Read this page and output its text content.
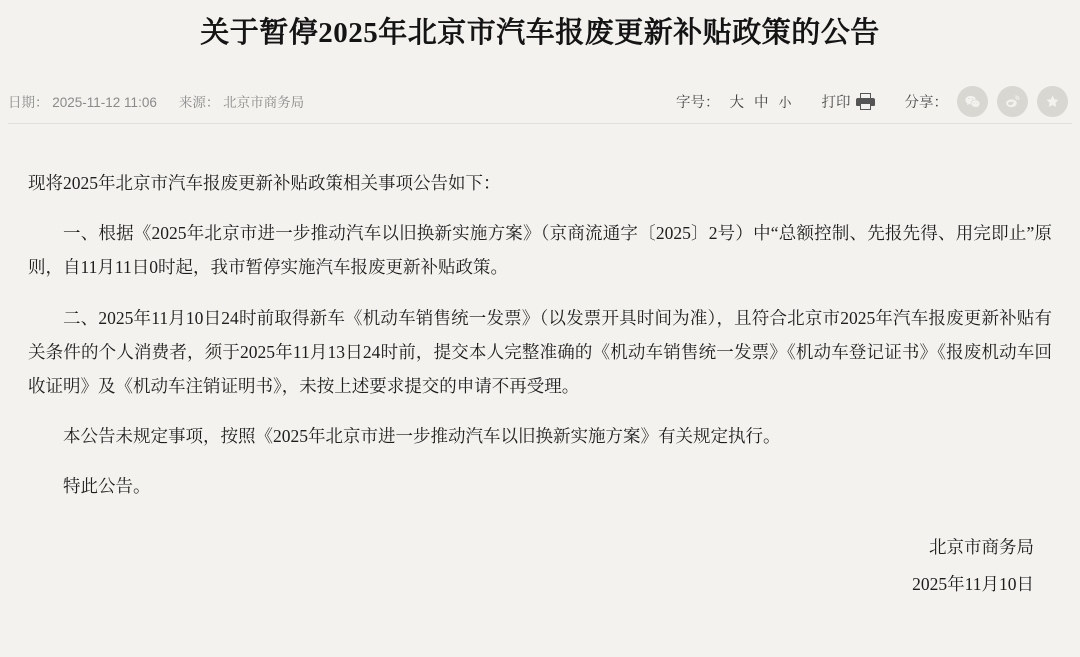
关于暂停2025年北京市汽车报废更新补贴政策的公告
日期： 2025-11-12 11:06 来源： 北京市商务局	字号： 大 中 小 打印	分享：

现将2025年北京市汽车报废更新补贴政策相关事项公告如下：

一、根据《2025年北京市进一步推动汽车以旧换新实施方案》（京商流通字〔2025〕2号）中“总额控制、先报先得、用完即止”原则，自11月11日0时起，我市暂停实施汽车报废更新补贴政策。

二、2025年11月10日24时前取得新车《机动车销售统一发票》（以发票开具时间为准），且符合北京市2025年汽车报废更新补贴有关条件的个人消费者，须于2025年11月13日24时前，提交本人完整准确的《机动车销售统一发票》《机动车登记证书》《报废机动车回收证明》及《机动车注销证明书》，未按上述要求提交的申请不再受理。

本公告未规定事项，按照《2025年北京市进一步推动汽车以旧换新实施方案》有关规定执行。

特此公告。

北京市商务局
2025年11月10日
